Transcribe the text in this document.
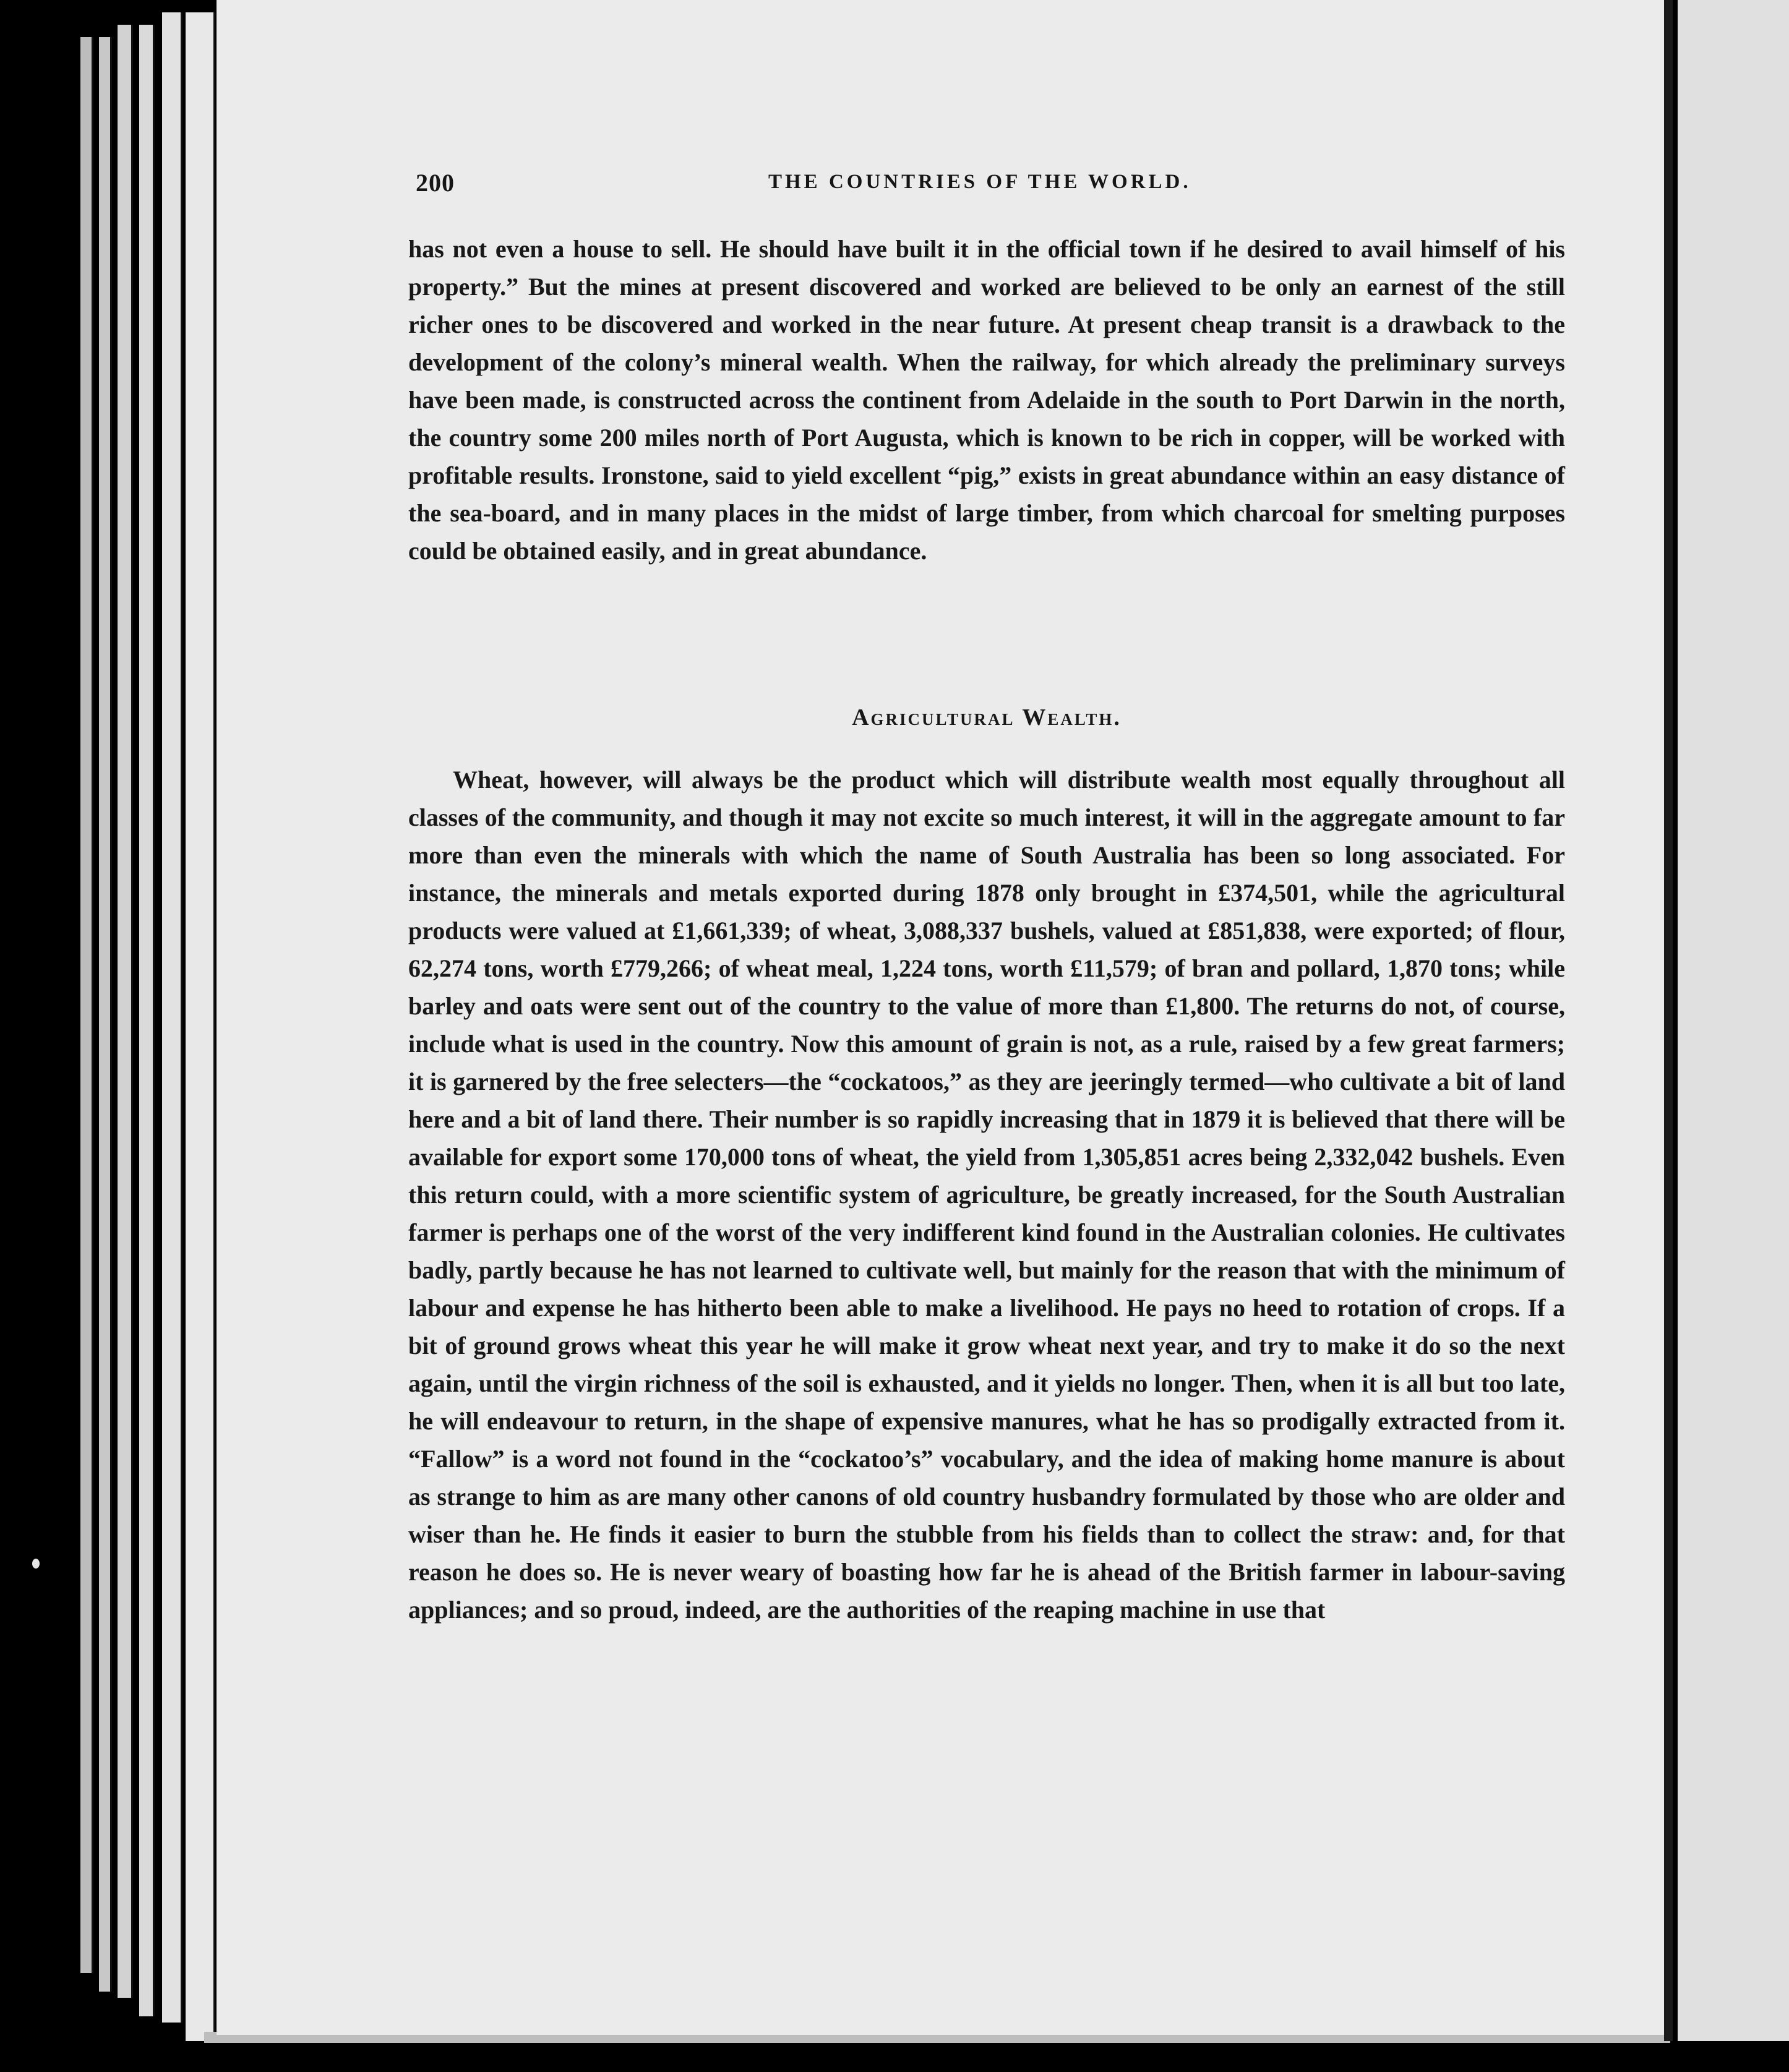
200	THE COUNTRIES OF THE WORLD.
has not even a house to sell. He should have built it in the official town if he desired to avail himself of his property.” But the mines at present discovered and worked are believed to be only an earnest of the still richer ones to be discovered and worked in the near future. At present cheap transit is a drawback to the development of the colony’s mineral wealth. When the railway, for which already the preliminary surveys have been made, is constructed across the continent from Adelaide in the south to Port Darwin in the north, the country some 200 miles north of Port Augusta, which is known to be rich in copper, will be worked with profitable results. Ironstone, said to yield excellent “pig,” exists in great abundance within an easy distance of the sea-board, and in many places in the midst of large timber, from which charcoal for smelting purposes could be obtained easily, and in great abundance.
Agricultural Wealth.
Wheat, however, will always be the product which will distribute wealth most equally throughout all classes of the community, and though it may not excite so much interest, it will in the aggregate amount to far more than even the minerals with which the name of South Australia has been so long associated. For instance, the minerals and metals exported during 1878 only brought in £374,501, while the agricultural products were valued at £1,661,339; of wheat, 3,088,337 bushels, valued at £851,838, were exported; of flour, 62,274 tons, worth £779,266; of wheat meal, 1,224 tons, worth £11,579; of bran and pollard, 1,870 tons; while barley and oats were sent out of the country to the value of more than £1,800. The returns do not, of course, include what is used in the country. Now this amount of grain is not, as a rule, raised by a few great farmers; it is garnered by the free selecters—the “cockatoos,” as they are jeeringly termed—who cultivate a bit of land here and a bit of land there. Their number is so rapidly increasing that in 1879 it is believed that there will be available for export some 170,000 tons of wheat, the yield from 1,305,851 acres being 2,332,042 bushels. Even this return could, with a more scientific system of agriculture, be greatly increased, for the South Australian farmer is perhaps one of the worst of the very indifferent kind found in the Australian colonies. He cultivates badly, partly because he has not learned to cultivate well, but mainly for the reason that with the minimum of labour and expense he has hitherto been able to make a livelihood. He pays no heed to rotation of crops. If a bit of ground grows wheat this year he will make it grow wheat next year, and try to make it do so the next again, until the virgin richness of the soil is exhausted, and it yields no longer. Then, when it is all but too late, he will endeavour to return, in the shape of expensive manures, what he has so prodigally extracted from it. “Fallow” is a word not found in the “cockatoo’s” vocabulary, and the idea of making home manure is about as strange to him as are many other canons of old country husbandry formulated by those who are older and wiser than he. He finds it easier to burn the stubble from his fields than to collect the straw: and, for that reason he does so. He is never weary of boasting how far he is ahead of the British farmer in labour-saving appliances; and so proud, indeed, are the authorities of the reaping machine in use that
